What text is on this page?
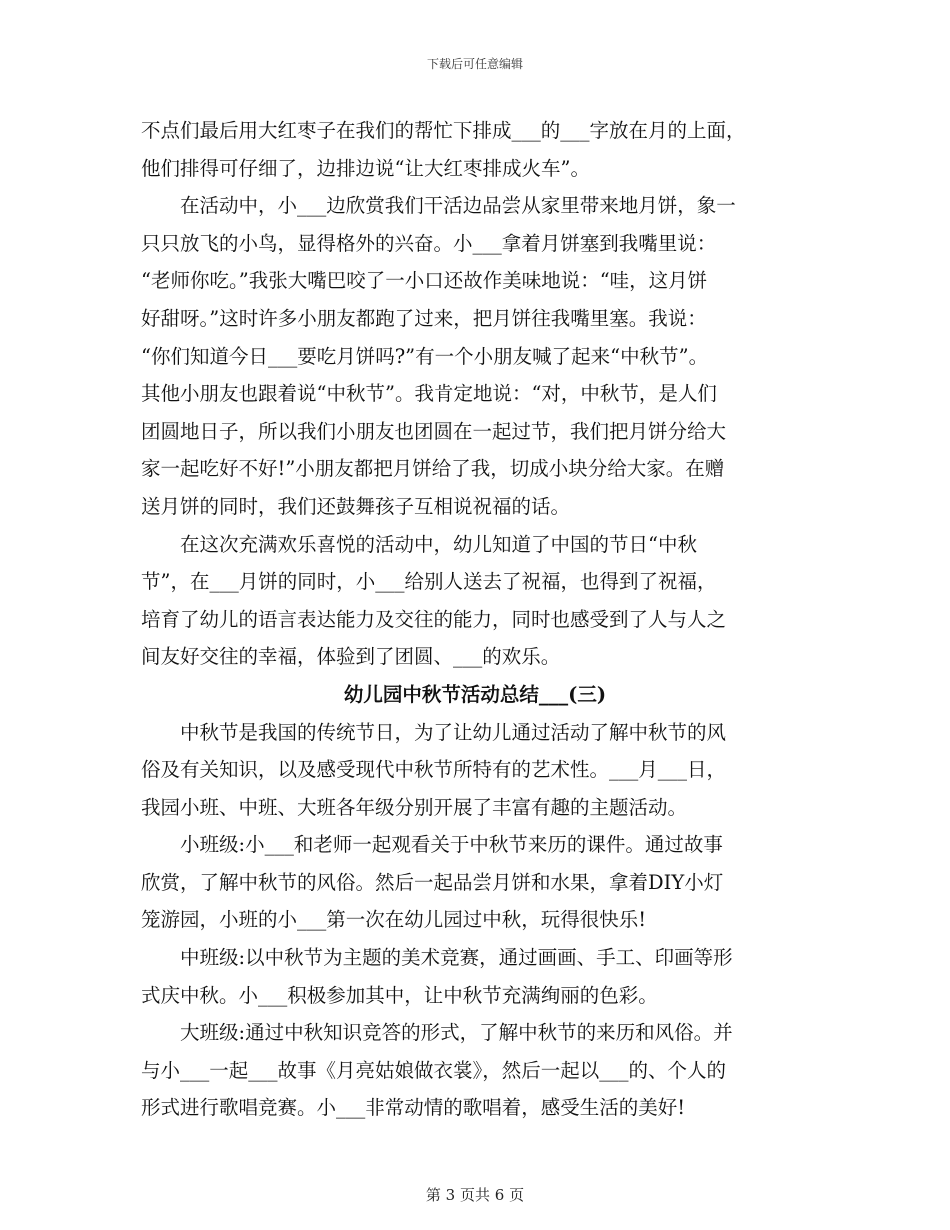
下载后可任意编辑
不点们最后用大红枣子在我们的帮忙下排成___的___字放在月的上面，
他们排得可仔细了，边排边说“让大红枣排成火车”。
　　在活动中，小___边欣赏我们干活边品尝从家里带来地月饼，象一
只只放飞的小鸟，显得格外的兴奋。小___拿着月饼塞到我嘴里说：
“老师你吃。”我张大嘴巴咬了一小口还故作美味地说：“哇，这月饼
好甜呀。”这时许多小朋友都跑了过来，把月饼往我嘴里塞。我说：
“你们知道今日___要吃月饼吗?”有一个小朋友喊了起来“中秋节”。
其他小朋友也跟着说“中秋节”。我肯定地说：“对，中秋节，是人们
团圆地日子，所以我们小朋友也团圆在一起过节，我们把月饼分给大
家一起吃好不好!”小朋友都把月饼给了我，切成小块分给大家。在赠
送月饼的同时，我们还鼓舞孩子互相说祝福的话。
　　在这次充满欢乐喜悦的活动中，幼儿知道了中国的节日“中秋
节”，在___月饼的同时，小___给别人送去了祝福，也得到了祝福，
培育了幼儿的语言表达能力及交往的能力，同时也感受到了人与人之
间友好交往的幸福，体验到了团圆、___的欢乐。
幼儿园中秋节活动总结___(三)
　　中秋节是我国的传统节日，为了让幼儿通过活动了解中秋节的风
俗及有关知识，以及感受现代中秋节所特有的艺术性。___月___日，
我园小班、中班、大班各年级分别开展了丰富有趣的主题活动。
　　小班级:小___和老师一起观看关于中秋节来历的课件。通过故事
欣赏，了解中秋节的风俗。然后一起品尝月饼和水果，拿着DIY小灯
笼游园，小班的小___第一次在幼儿园过中秋，玩得很快乐!
　　中班级:以中秋节为主题的美术竞赛，通过画画、手工、印画等形
式庆中秋。小___积极参加其中，让中秋节充满绚丽的色彩。
　　大班级:通过中秋知识竞答的形式，了解中秋节的来历和风俗。并
与小___一起___故事《月亮姑娘做衣裳》，然后一起以___的、个人的
形式进行歌唱竞赛。小___非常动情的歌唱着，感受生活的美好!
第 3 页共 6 页
